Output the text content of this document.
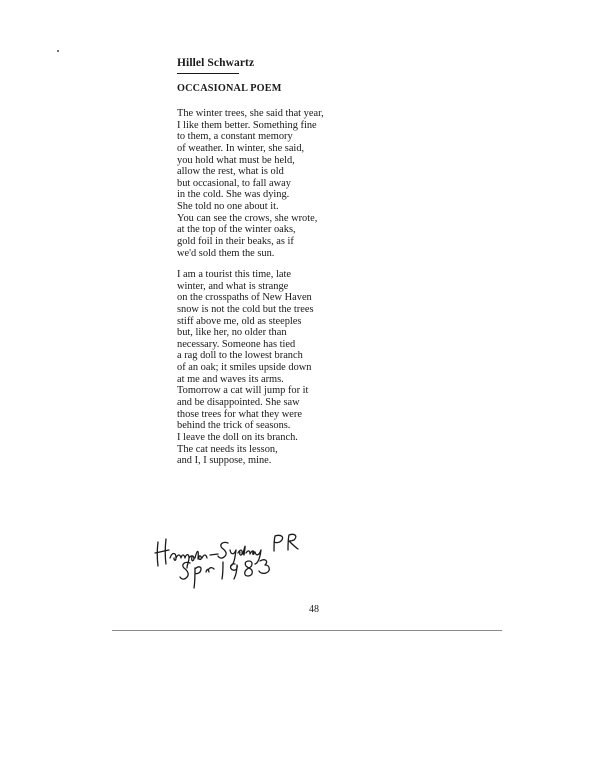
Hillel Schwartz
OCCASIONAL POEM
The winter trees, she said that year,
I like them better. Something fine
to them, a constant memory
of weather. In winter, she said,
you hold what must be held,
allow the rest, what is old
but occasional, to fall away
in the cold. She was dying.
She told no one about it.
You can see the crows, she wrote,
at the top of the winter oaks,
gold foil in their beaks, as if
we'd sold them the sun.
I am a tourist this time, late
winter, and what is strange
on the crosspaths of New Haven
snow is not the cold but the trees
stiff above me, old as steeples
but, like her, no older than
necessary. Someone has tied
a rag doll to the lowest branch
of an oak; it smiles upside down
at me and waves its arms.
Tomorrow a cat will jump for it
and be disappointed. She saw
those trees for what they were
behind the trick of seasons.
I leave the doll on its branch.
The cat needs its lesson,
and I, I suppose, mine.

48
